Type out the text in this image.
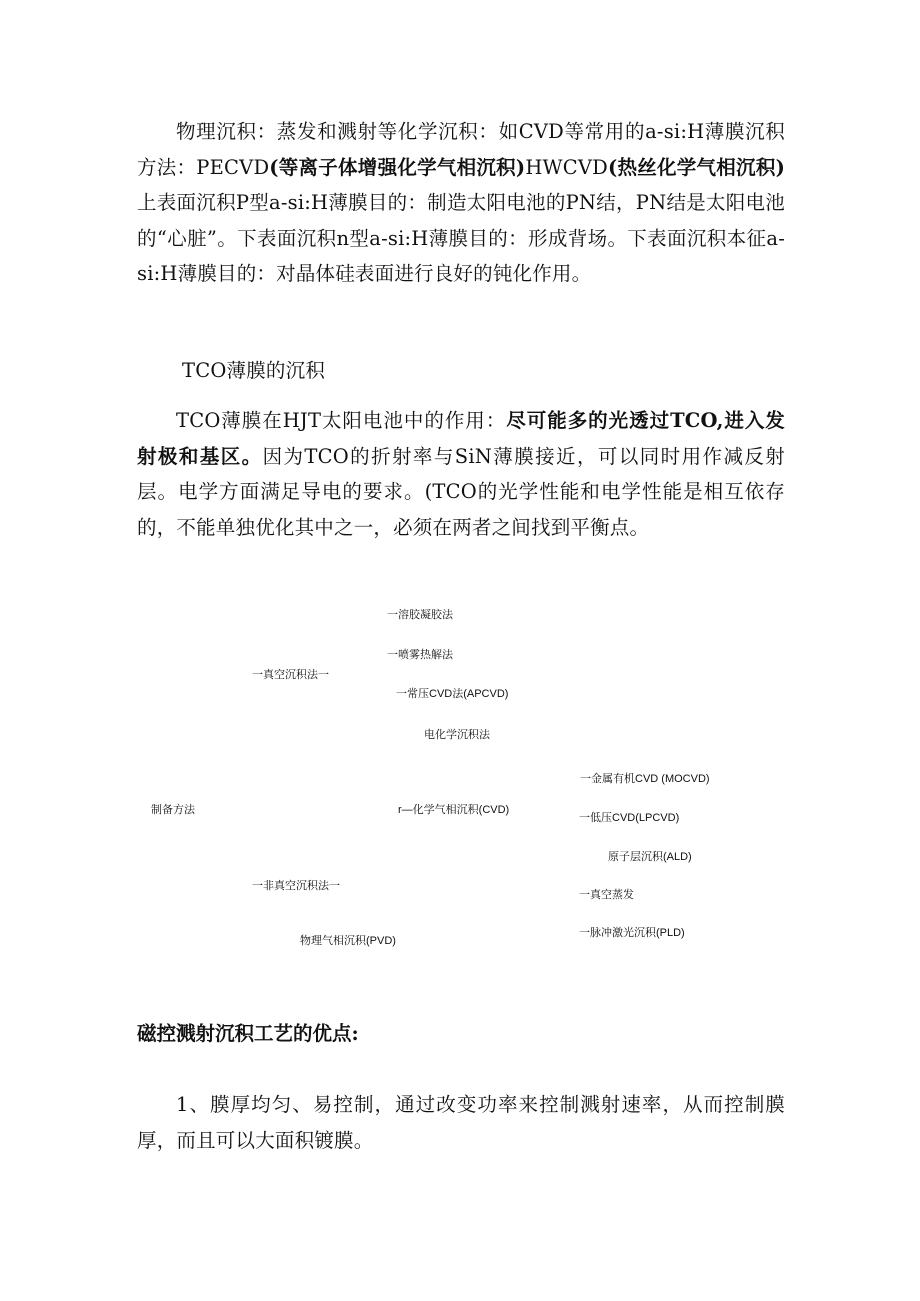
物理沉积：蒸发和溅射等化学沉积：如CVD等常用的a-si:H薄膜沉积方法：PECVD(等离子体增强化学气相沉积)HWCVD(热丝化学气相沉积)上表面沉积P型a-si:H薄膜目的：制造太阳电池的PN结，PN结是太阳电池的“心脏”。下表面沉积n型a-si:H薄膜目的：形成背场。下表面沉积本征a-si:H薄膜目的：对晶体硅表面进行良好的钝化作用。

TCO薄膜的沉积

TCO薄膜在HJT太阳电池中的作用：尽可能多的光透过TCO,进入发射极和基区。因为TCO的折射率与SiN薄膜接近，可以同时用作减反射层。电学方面满足导电的要求。(TCO的光学性能和电学性能是相互依存的，不能单独优化其中之一，必须在两者之间找到平衡点。

一溶胶凝胶法
一喷雾热解法
一真空沉积法一
一常压CVD法(APCVD)
电化学沉积法
一金属有机CVD (MOCVD)
制备方法	r—化学气相沉积(CVD)
一低压CVD(LPCVD)
原子层沉积(ALD)
一非真空沉积法一
一真空蒸发
一脉冲激光沉积(PLD)
物理气相沉积(PVD)

磁控溅射沉积工艺的优点:

1、膜厚均匀、易控制，通过改变功率来控制溅射速率，从而控制膜厚，而且可以大面积镀膜。
